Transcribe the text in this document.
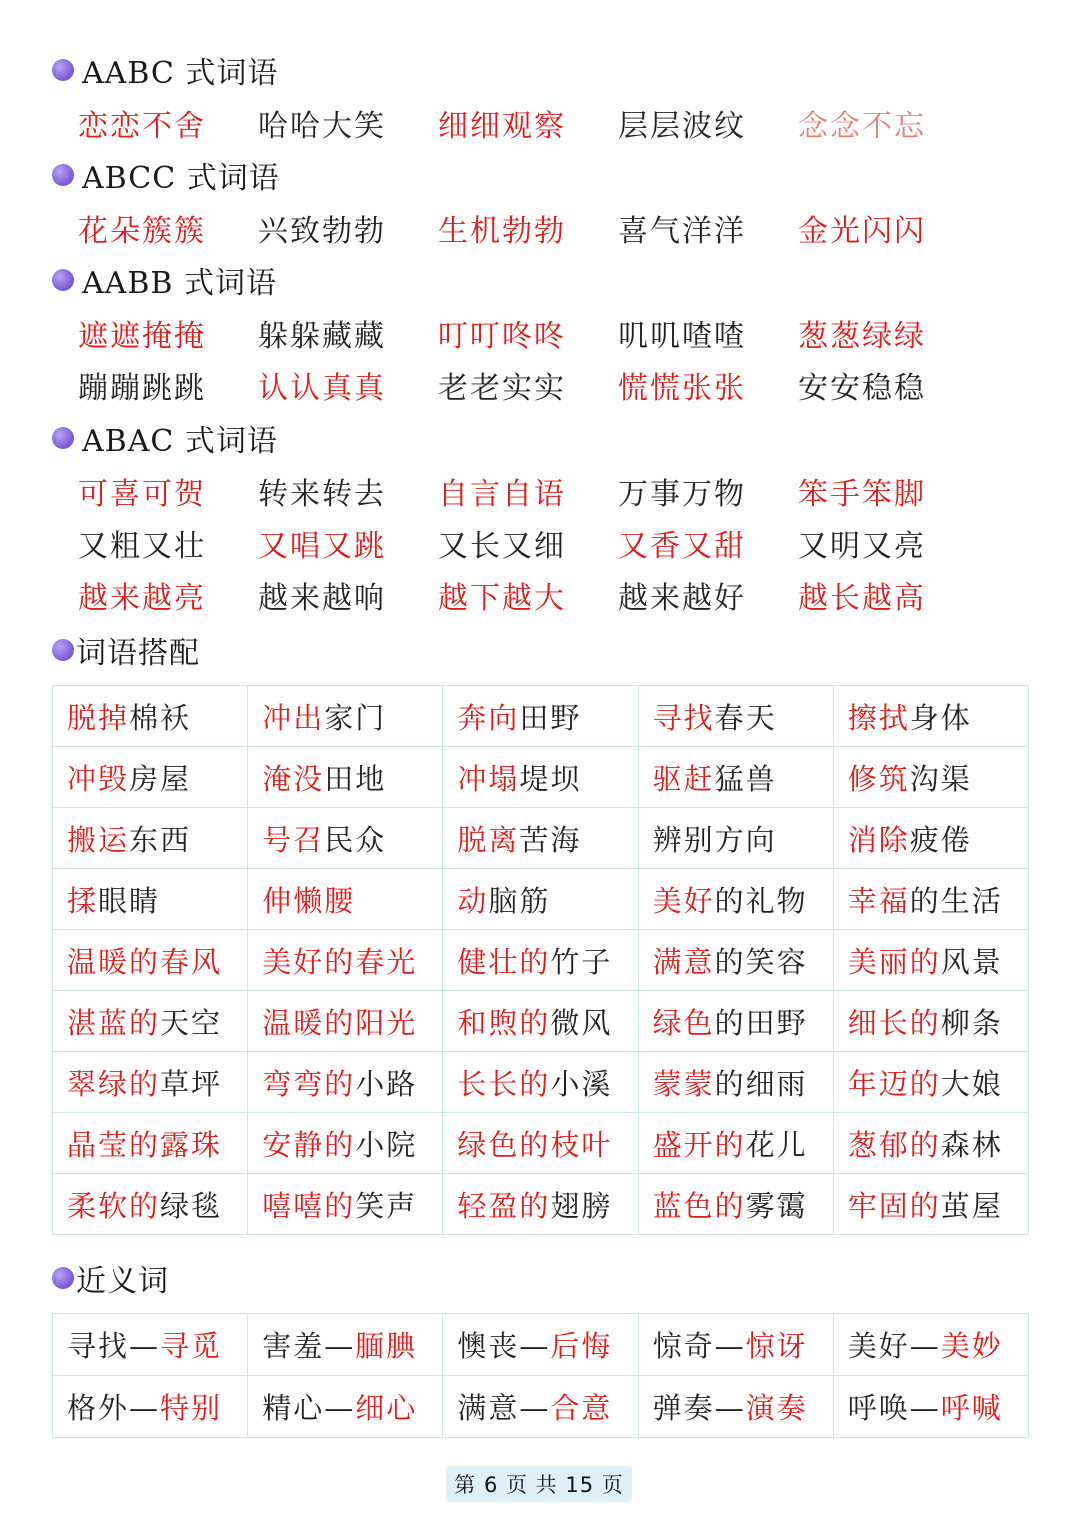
AABC 式词语
恋恋不舍	哈哈大笑	细细观察	层层波纹	念念不忘
ABCC 式词语
花朵簇簇	兴致勃勃	生机勃勃	喜气洋洋	金光闪闪
AABB 式词语
遮遮掩掩	躲躲藏藏	叮叮咚咚	叽叽喳喳	葱葱绿绿
蹦蹦跳跳	认认真真	老老实实	慌慌张张	安安稳稳
ABAC 式词语
可喜可贺	转来转去	自言自语	万事万物	笨手笨脚
又粗又壮	又唱又跳	又长又细	又香又甜	又明又亮
越来越亮	越来越响	越下越大	越来越好	越长越高
词语搭配
脱掉棉袄	冲出家门	奔向田野	寻找春天	擦拭身体
冲毁房屋	淹没田地	冲塌堤坝	驱赶猛兽	修筑沟渠
搬运东西	号召民众	脱离苦海	辨别方向	消除疲倦
揉眼睛	伸懒腰	动脑筋	美好的礼物	幸福的生活
温暖的春风	美好的春光	健壮的竹子	满意的笑容	美丽的风景
湛蓝的天空	温暖的阳光	和煦的微风	绿色的田野	细长的柳条
翠绿的草坪	弯弯的小路	长长的小溪	蒙蒙的细雨	年迈的大娘
晶莹的露珠	安静的小院	绿色的枝叶	盛开的花儿	葱郁的森林
柔软的绿毯	嘻嘻的笑声	轻盈的翅膀	蓝色的雾霭	牢固的茧屋
近义词
寻找—寻觅	害羞—腼腆	懊丧—后悔	惊奇—惊讶	美好—美妙
格外—特别	精心—细心	满意—合意	弹奏—演奏	呼唤—呼喊
第 6 页 共 15 页
